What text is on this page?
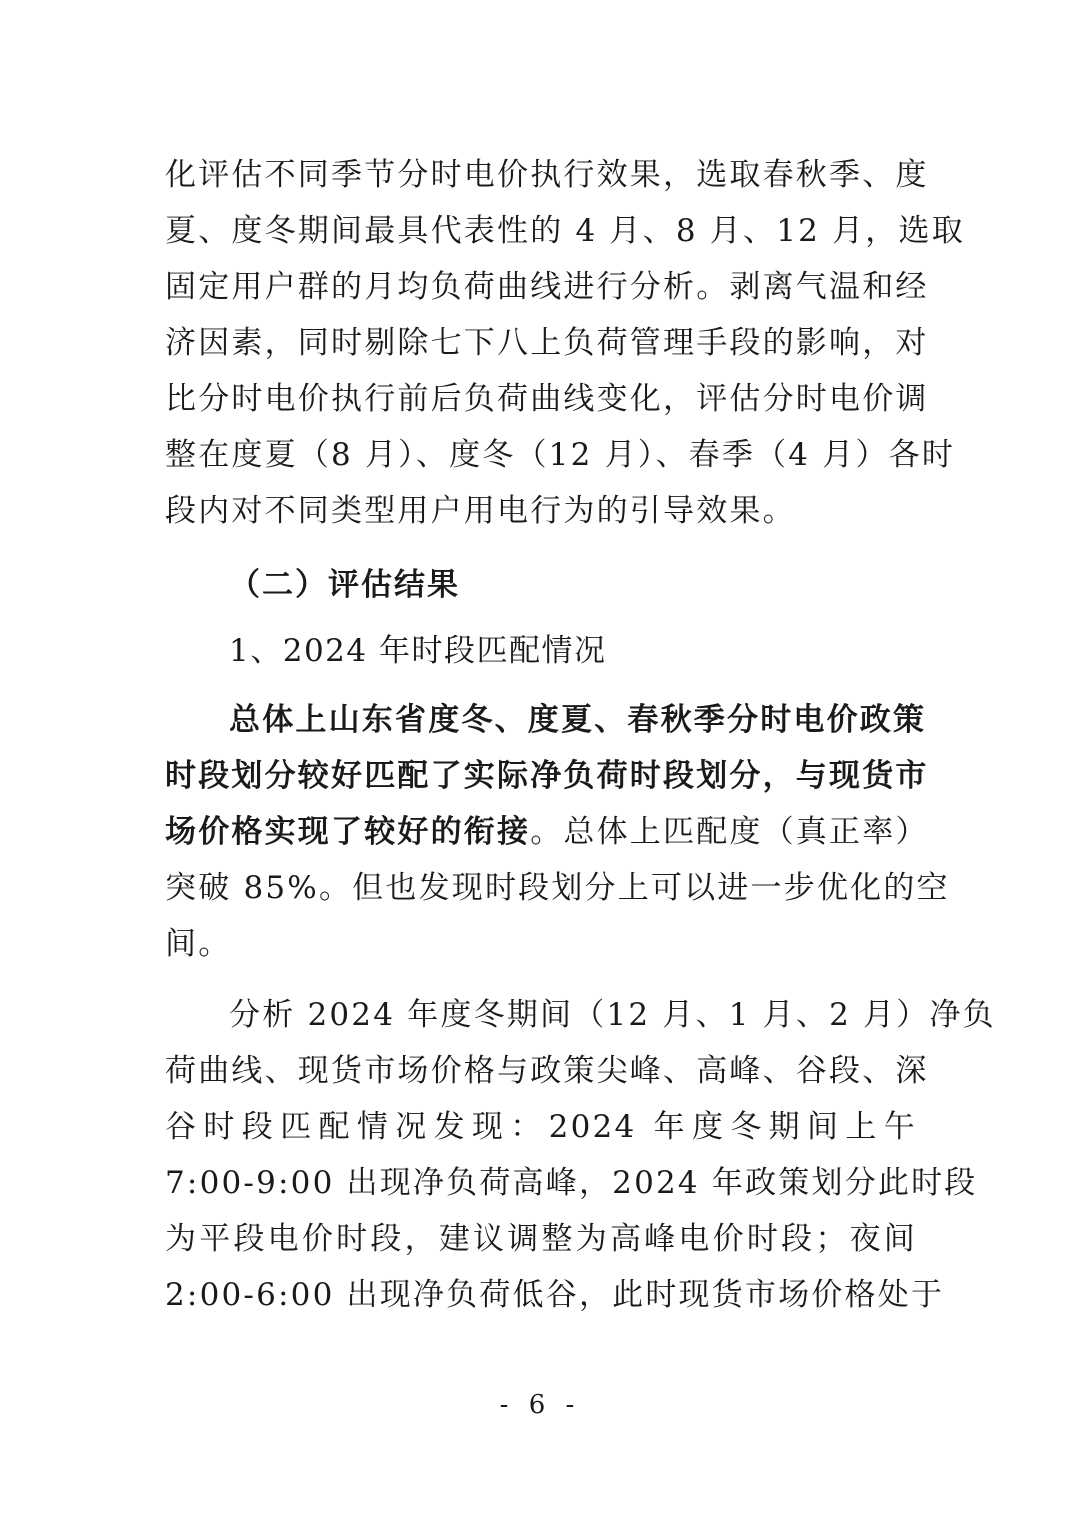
化评估不同季节分时电价执行效果，选取春秋季、度
夏、度冬期间最具代表性的 4 月、8 月、12 月，选取
固定用户群的月均负荷曲线进行分析。剥离气温和经
济因素，同时剔除七下八上负荷管理手段的影响，对
比分时电价执行前后负荷曲线变化，评估分时电价调
整在度夏（8 月）、度冬（12 月）、春季（4 月）各时
段内对不同类型用户用电行为的引导效果。
（二）评估结果
1、2024 年时段匹配情况
总体上山东省度冬、度夏、春秋季分时电价政策
时段划分较好匹配了实际净负荷时段划分，与现货市
场价格实现了较好的衔接。总体上匹配度（真正率）
突破 85%。但也发现时段划分上可以进一步优化的空
间。
分析 2024 年度冬期间（12 月、1 月、2 月）净负
荷曲线、现货市场价格与政策尖峰、高峰、谷段、深
谷时段匹配情况发现：2024 年度冬期间上午
7:00-9:00 出现净负荷高峰，2024 年政策划分此时段
为平段电价时段，建议调整为高峰电价时段；夜间
2:00-6:00 出现净负荷低谷，此时现货市场价格处于
- 6 -
